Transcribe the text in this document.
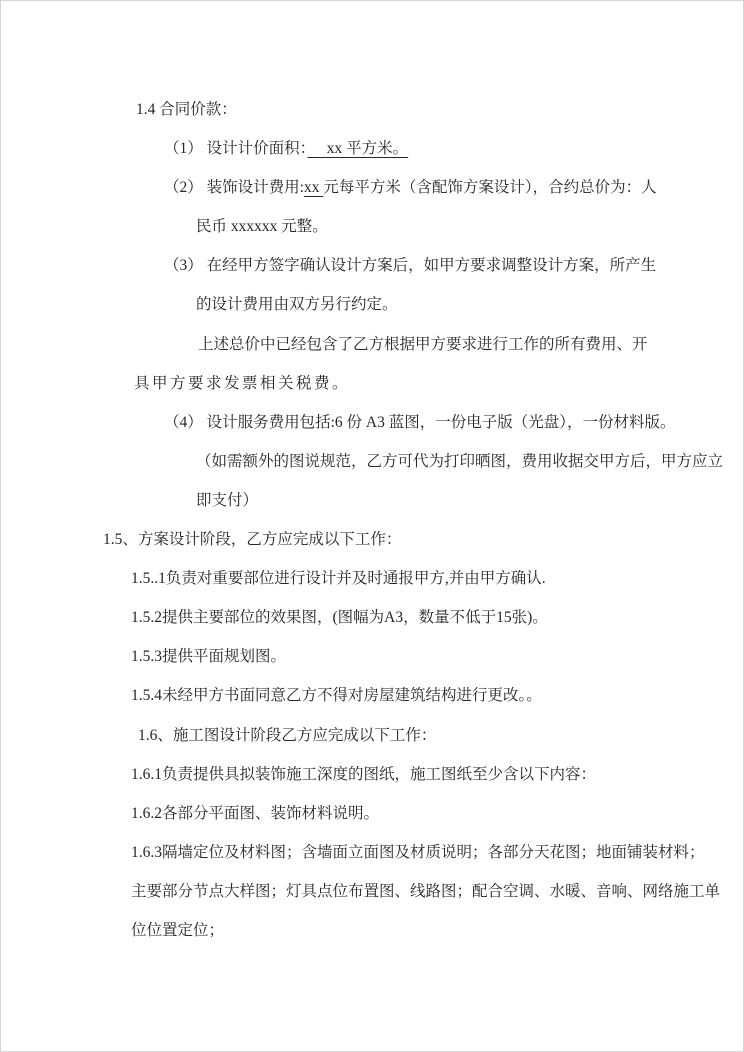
1.4 合同价款：
（1） 设计计价面积：　 xx 平方米。
（2） 装饰设计费用:xx 元每平方米（含配饰方案设计），合约总价为：人
民币 xxxxxx 元整。
（3） 在经甲方签字确认设计方案后，如甲方要求调整设计方案，所产生
的设计费用由双方另行约定。
上述总价中已经包含了乙方根据甲方要求进行工作的所有费用、开
具甲方要求发票相关税费。
（4） 设计服务费用包括:6 份 A3 蓝图，一份电子版（光盘），一份材料版。
（如需额外的图说规范，乙方可代为打印晒图，费用收据交甲方后，甲方应立
即支付）
1.5、方案设计阶段，乙方应完成以下工作：
1.5..1负责对重要部位进行设计并及时通报甲方,并由甲方确认.
1.5.2提供主要部位的效果图，(图幅为A3，数量不低于15张)。
1.5.3提供平面规划图。
1.5.4未经甲方书面同意乙方不得对房屋建筑结构进行更改。。
1.6、施工图设计阶段乙方应完成以下工作：
1.6.1负责提供具拟装饰施工深度的图纸，施工图纸至少含以下内容：
1.6.2各部分平面图、装饰材料说明。
1.6.3隔墙定位及材料图；含墙面立面图及材质说明；各部分天花图；地面铺装材料；
主要部分节点大样图；灯具点位布置图、线路图；配合空调、水暖、音响、网络施工单
位位置定位；
